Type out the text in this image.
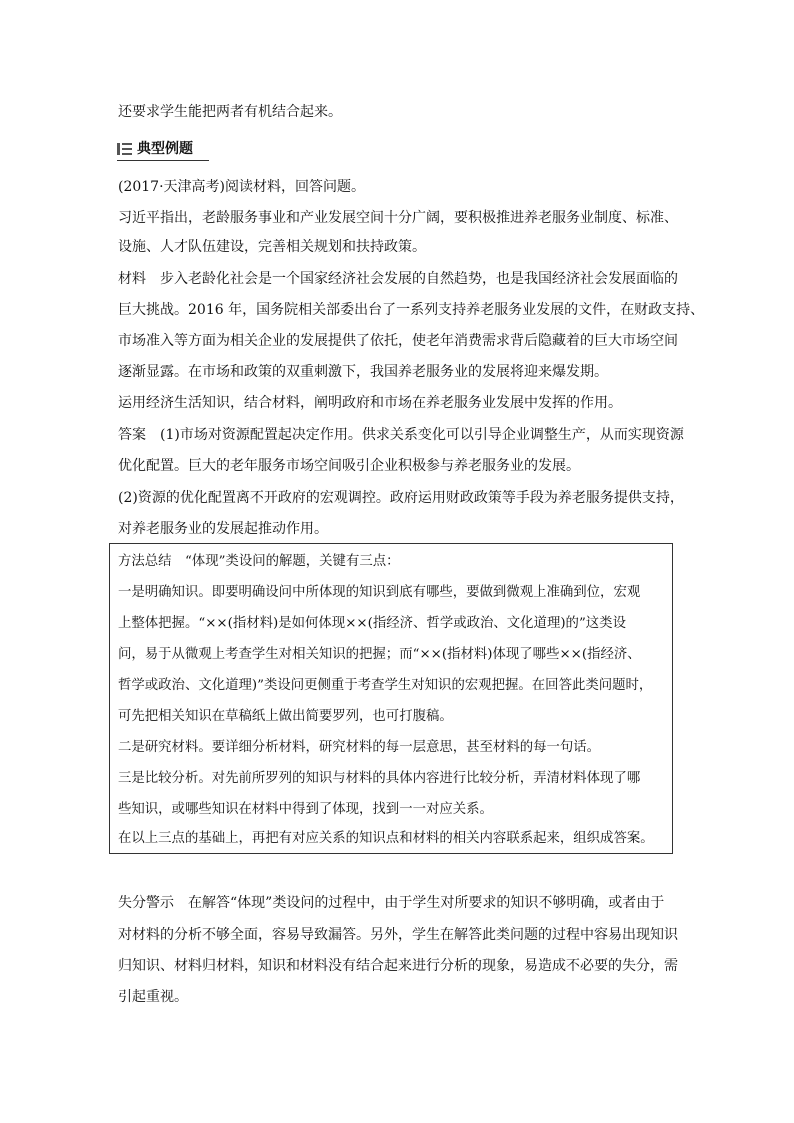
还要求学生能把两者有机结合起来。
典型例题
(2017·天津高考)阅读材料，回答问题。
习近平指出，老龄服务事业和产业发展空间十分广阔，要积极推进养老服务业制度、标准、
设施、人才队伍建设，完善相关规划和扶持政策。
材料 步入老龄化社会是一个国家经济社会发展的自然趋势，也是我国经济社会发展面临的
巨大挑战。2016 年，国务院相关部委出台了一系列支持养老服务业发展的文件，在财政支持、
市场准入等方面为相关企业的发展提供了依托，使老年消费需求背后隐藏着的巨大市场空间
逐渐显露。在市场和政策的双重刺激下，我国养老服务业的发展将迎来爆发期。
运用经济生活知识，结合材料，阐明政府和市场在养老服务业发展中发挥的作用。
答案 (1)市场对资源配置起决定作用。供求关系变化可以引导企业调整生产，从而实现资源
优化配置。巨大的老年服务市场空间吸引企业积极参与养老服务业的发展。
(2)资源的优化配置离不开政府的宏观调控。政府运用财政政策等手段为养老服务提供支持，
对养老服务业的发展起推动作用。
方法总结　“体现”类设问的解题，关键有三点：
一是明确知识。即要明确设问中所体现的知识到底有哪些，要做到微观上准确到位，宏观
上整体把握。“××(指材料)是如何体现××(指经济、哲学或政治、文化道理)的”这类设
问，易于从微观上考查学生对相关知识的把握；而“××(指材料)体现了哪些××(指经济、
哲学或政治、文化道理)”类设问更侧重于考查学生对知识的宏观把握。在回答此类问题时，
可先把相关知识在草稿纸上做出简要罗列，也可打腹稿。
二是研究材料。要详细分析材料，研究材料的每一层意思，甚至材料的每一句话。
三是比较分析。对先前所罗列的知识与材料的具体内容进行比较分析，弄清材料体现了哪
些知识，或哪些知识在材料中得到了体现，找到一一对应关系。
在以上三点的基础上，再把有对应关系的知识点和材料的相关内容联系起来，组织成答案。
失分警示　在解答“体现”类设问的过程中，由于学生对所要求的知识不够明确，或者由于
对材料的分析不够全面，容易导致漏答。另外，学生在解答此类问题的过程中容易出现知识
归知识、材料归材料，知识和材料没有结合起来进行分析的现象，易造成不必要的失分，需
引起重视。
